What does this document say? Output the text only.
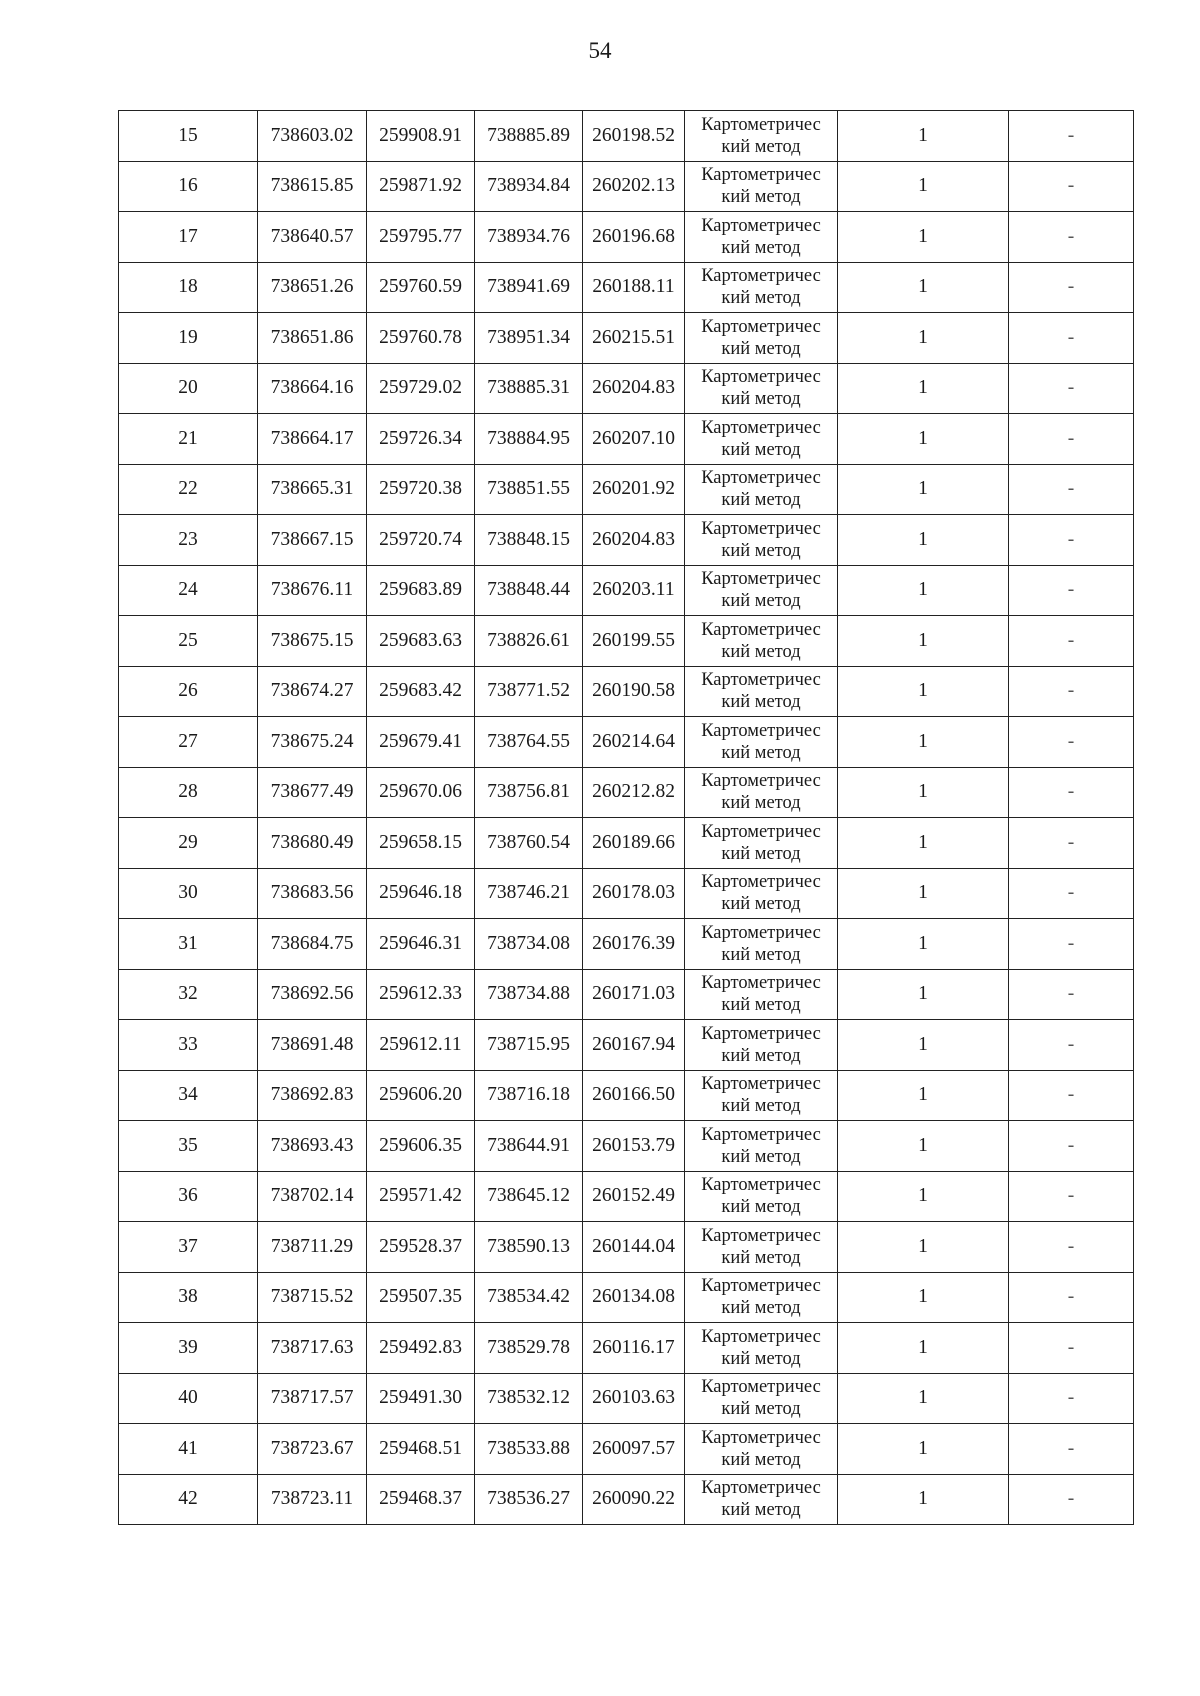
54
15	738603.02	259908.91	738885.89	260198.52	Картометричес
кий метод	1	-
16	738615.85	259871.92	738934.84	260202.13	Картометричес
кий метод	1	-
17	738640.57	259795.77	738934.76	260196.68	Картометричес
кий метод	1	-
18	738651.26	259760.59	738941.69	260188.11	Картометричес
кий метод	1	-
19	738651.86	259760.78	738951.34	260215.51	Картометричес
кий метод	1	-
20	738664.16	259729.02	738885.31	260204.83	Картометричес
кий метод	1	-
21	738664.17	259726.34	738884.95	260207.10	Картометричес
кий метод	1	-
22	738665.31	259720.38	738851.55	260201.92	Картометричес
кий метод	1	-
23	738667.15	259720.74	738848.15	260204.83	Картометричес
кий метод	1	-
24	738676.11	259683.89	738848.44	260203.11	Картометричес
кий метод	1	-
25	738675.15	259683.63	738826.61	260199.55	Картометричес
кий метод	1	-
26	738674.27	259683.42	738771.52	260190.58	Картометричес
кий метод	1	-
27	738675.24	259679.41	738764.55	260214.64	Картометричес
кий метод	1	-
28	738677.49	259670.06	738756.81	260212.82	Картометричес
кий метод	1	-
29	738680.49	259658.15	738760.54	260189.66	Картометричес
кий метод	1	-
30	738683.56	259646.18	738746.21	260178.03	Картометричес
кий метод	1	-
31	738684.75	259646.31	738734.08	260176.39	Картометричес
кий метод	1	-
32	738692.56	259612.33	738734.88	260171.03	Картометричес
кий метод	1	-
33	738691.48	259612.11	738715.95	260167.94	Картометричес
кий метод	1	-
34	738692.83	259606.20	738716.18	260166.50	Картометричес
кий метод	1	-
35	738693.43	259606.35	738644.91	260153.79	Картометричес
кий метод	1	-
36	738702.14	259571.42	738645.12	260152.49	Картометричес
кий метод	1	-
37	738711.29	259528.37	738590.13	260144.04	Картометричес
кий метод	1	-
38	738715.52	259507.35	738534.42	260134.08	Картометричес
кий метод	1	-
39	738717.63	259492.83	738529.78	260116.17	Картометричес
кий метод	1	-
40	738717.57	259491.30	738532.12	260103.63	Картометричес
кий метод	1	-
41	738723.67	259468.51	738533.88	260097.57	Картометричес
кий метод	1	-
42	738723.11	259468.37	738536.27	260090.22	Картометричес
кий метод	1	-
